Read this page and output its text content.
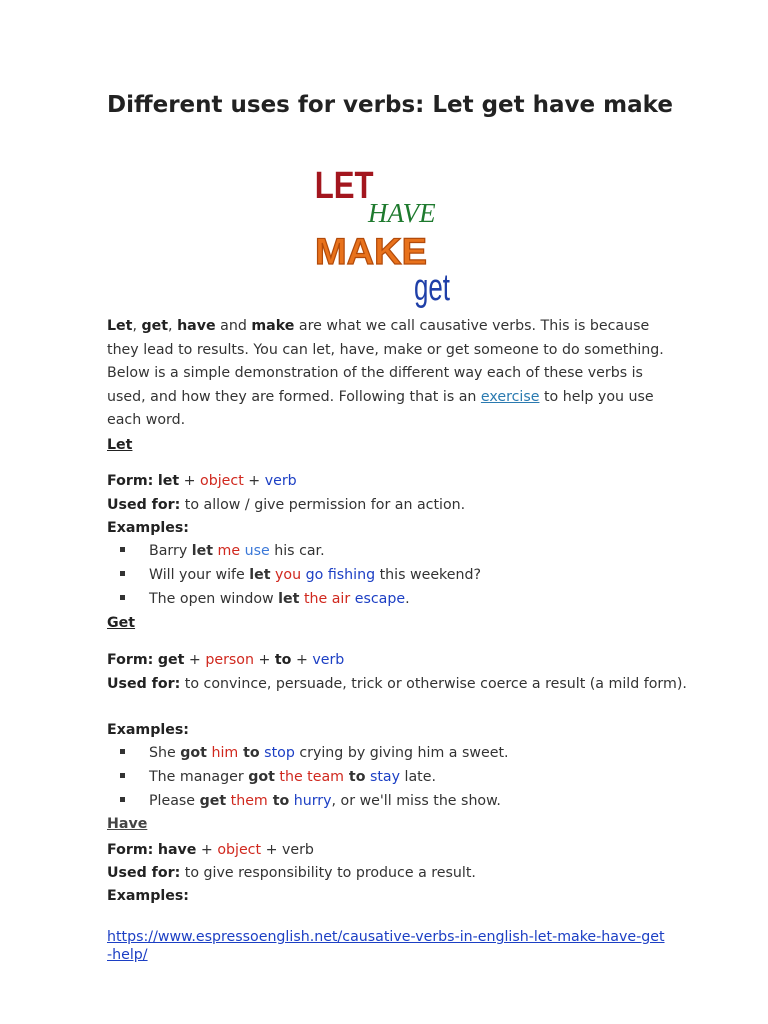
Different uses for verbs: Let get have make
LET
HAVE
MAKE
get

Let, get, have and make are what we call causative verbs. This is because they lead to results. You can let, have, make or get someone to do something. Below is a simple demonstration of the different way each of these verbs is used, and how they are formed. Following that is an exercise to help you use each word.

Let
Form: let + object + verb
Used for: to allow / give permission for an action.
Examples:
Barry let me use his car.
Will your wife let you go fishing this weekend?
The open window let the air escape.
Get
Form: get + person + to + verb
Used for: to convince, persuade, trick or otherwise coerce a result (a mild form).
Examples:
She got him to stop crying by giving him a sweet.
The manager got the team to stay late.
Please get them to hurry, or we'll miss the show.
Have
Form: have + object + verb
Used for: to give responsibility to produce a result.
Examples:
https://www.espressoenglish.net/causative-verbs-in-english-let-make-have-get-help/
